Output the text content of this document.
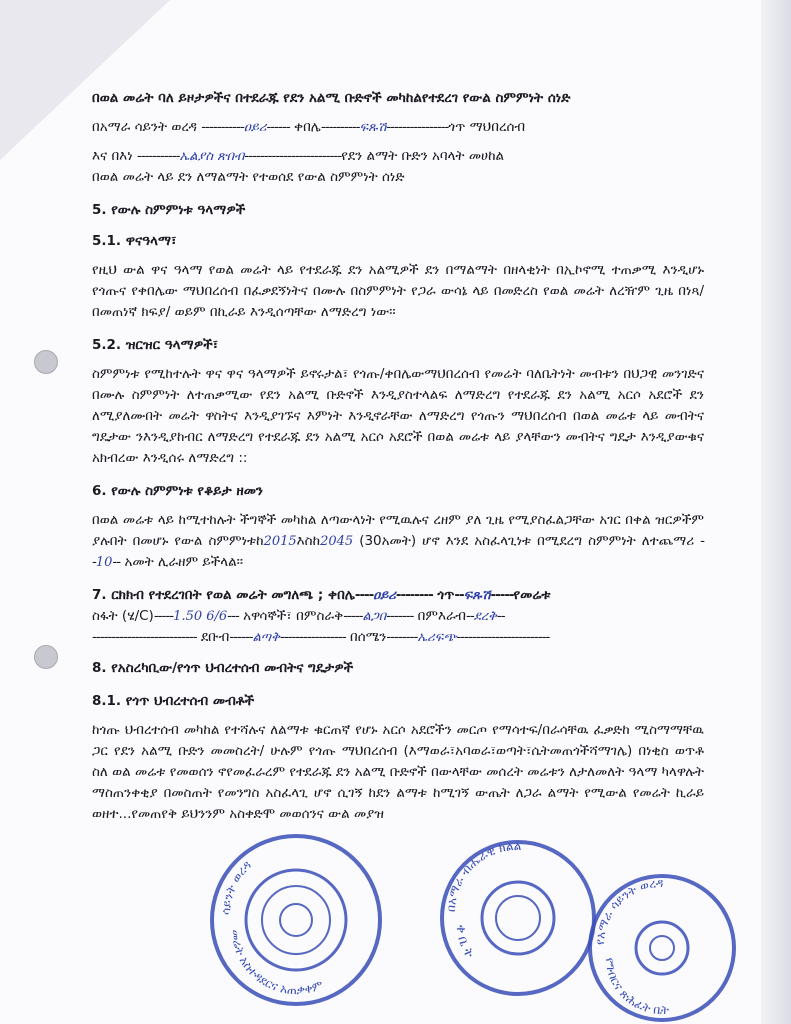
በወል መሬት ባለ ይዞታዎችና በተደራጁ የደን አልሚ ቡድኖች መካከልየተደረገ የውል ስምምነት ሰነድ

በአማራ ሳይንት ወረዳ -----------ዐይሪ------ ቀበሌ----------ፍጹሽ----------------ጎጥ ማህበረሰብ

እና በእነ -----------ኤልያስ ጽበብ-------------------------የደን ልማት ቡድን አባላት መሀከል

በወል መሬት ላይ ደን ለማልማት የተወሰደ የውል ስምምነት ሰነድ

5. የውሉ ስምምነቱ ዓላማዎች

5.1. ዋናዓላማ፣

የዚህ ውል ዋና ዓላማ የወል መሬት ላይ የተደራጁ ደን አልሚዎች ደን በማልማት በዘላቂነት በኢኮኖሚ ተጠቃሚ እንዲሆኑ የጎጡና የቀበሌው ማህበረሰብ በፈቃደኝነትና በሙሉ በስምምነት የጋራ ውሳኔ ላይ በመድረስ የወል መሬት ለረዥም ጊዜ በነጻ/በመጠነኛ ክፍያ/ ወይም በኪራይ እንዲሰጣቸው ለማድረግ ነው፡፡

5.2. ዝርዝር ዓላማዎች፣

ስምምነቱ የሚከተሉት ዋና ዋና ዓላማዎች ይኖሩታል፣ የጎጡ/ቀበሌውማህበረሰብ የመሬት ባለቤትነት መብቱን በህጋዊ መንገድና በሙሉ ስምምነት ለተጠቃሚው የደን አልሚ ቡድኖች እንዲያስተላልፍ ለማድረግ የተደራጁ ደን አልሚ አርሶ አደሮች ደን ለሚያለሙበት መሬት ዋስትና እንዲያገኙና እምነት እንዲኖራቸው ለማድረግ የጎጡን ማህበረሰብ በወል መሬቱ ላይ መብትና ግዴታው ንእንዲያከብር ለማድረግ የተደራጁ ደን አልሚ አርሶ አደሮች በወል መሬቱ ላይ ያላቸውን መብትና ግዴታ እንዲያውቁና አክብረው እንዲሰሩ ለማድረግ ::

6. የውሉ ስምምነቱ የቆይታ ዘመን

በወል መሬቱ ላይ ከሚተከሉት ችግኞች መካከል ለጣውላነት የሚዉሉና ረዘም ያለ ጊዜ የሚያስፈልጋቸው አገር በቀል ዝርዎችም ያሉበት በመሆኑ የውል ስምምነቱከ2015እስከ2045 (30አመት) ሆኖ እንደ አስፈላጊነቱ በሚደረግ ስምምነት ለተጨማሪ --10-- አመት ሊራዘም ይችላል፡፡

7. ርክክብ የተደረገበት የወል መሬት መግለጫ ; ቀበሌ----ዐይሪ-------- ጎጥ--ፍጹሽ-----የመሬቱ

ስፋት (ሄ/C)-----1.50 6/6--- አዋሳኞች፣ በምስራቅ-----ልጋበ------- በምእራብ--ደረቅ--

--------------------------- ደቡብ------ልጣቅ----------------- በሰሜን--------ኤሪፍጭ------------------------

8. የአስረካቢው/የጎጥ ህብረተሰብ መብትና ግዴታዎች

8.1. የጎጥ ህብረተሰብ መብቶች

ከጎጡ ህብረተሰብ መካከል የተሻሉና ለልማቱ ቁርጠኛ የሆኑ አርሶ አደሮችን መርጦ የማሳተፍ/በራሳቸዉ ፈቃድከ ሚስማማቸዉ ጋር የደን አልሚ ቡድን መመስረት/ ሁሉም የጎጡ ማህበረሰብ (እማወራ፣አባወራ፣ወጣት፣ሴትመጠጎችሻማገሌ) በነቂስ ወጥቶ ስለ ወል መሬቱ የመወሰን ኖየመፈራረም የተደራጁ ደን አልሚ ቡድኖች በውላቸው መሰረት መሬቱን ለታለመለት ዓላማ ካላዋሉት ማስጠንቀቂያ በመስጠት የመንግስ አስፈላጊ ሆኖ ሲገኝ ከደን ልማቱ ከሚገኝ ውጤት ለጋራ ልማት የሚውል የመሬት ኪራይ ወዘተ...የመጠየቅ ይህንንም አስቀድሞ መወሰንና ውል መያዝ

ሳይንት ወረዳ
መሬት አስተዳደርና አጠቃቀም
በአማራ ብሔራዊ ክልል
ቀ ቤ ት
የአማራ ሳይንት ወረዳ
የግብርና ጽሕፈት ቤት
